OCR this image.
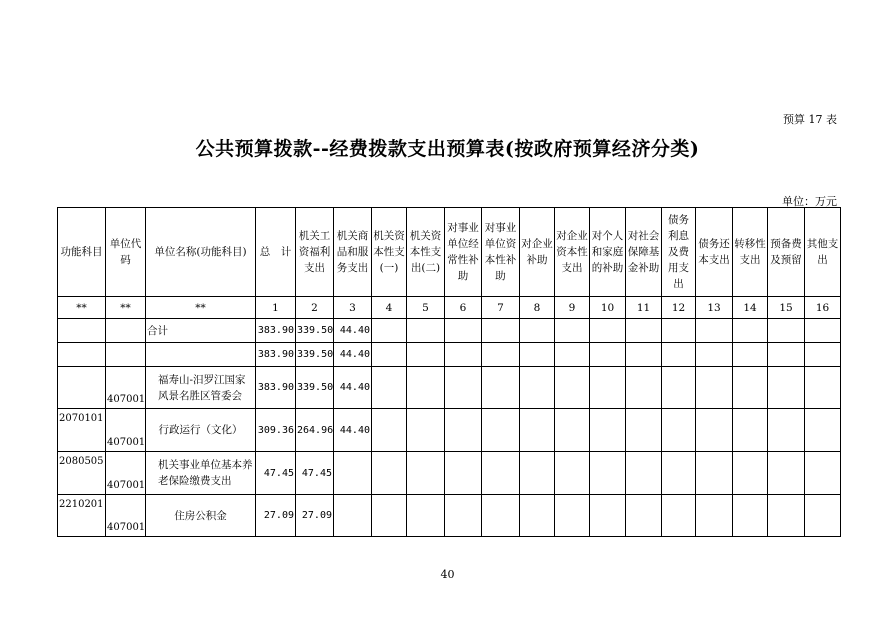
预算 17 表
公共预算拨款--经费拨款支出预算表(按政府预算经济分类)
单位：万元
功能科目	单位代码	单位名称(功能科目)	总　计	机关工资福利支出	机关商品和服务支出	机关资本性支(一)	机关资本性支出(二)	对事业单位经常性补助	对事业单位资本性补助	对企业补助	对企业资本性支出	对个人和家庭的补助	对社会保障基金补助	债务利息及费用支出	债务还本支出	转移性支出	预备费及预留	其他支出
**	**	**	1	2	3	4	5	6	7	8	9	10	11	12	13	14	15	16
		合计	383.90	339.50	44.40													
			383.90	339.50	44.40													
	407001	福寿山-汨罗江国家风景名胜区管委会	383.90	339.50	44.40													
2070101	407001	行政运行（文化）	309.36	264.96	44.40													
2080505	407001	机关事业单位基本养老保险缴费支出	47.45	47.45														
2210201	407001	住房公积金	27.09	27.09														
40
